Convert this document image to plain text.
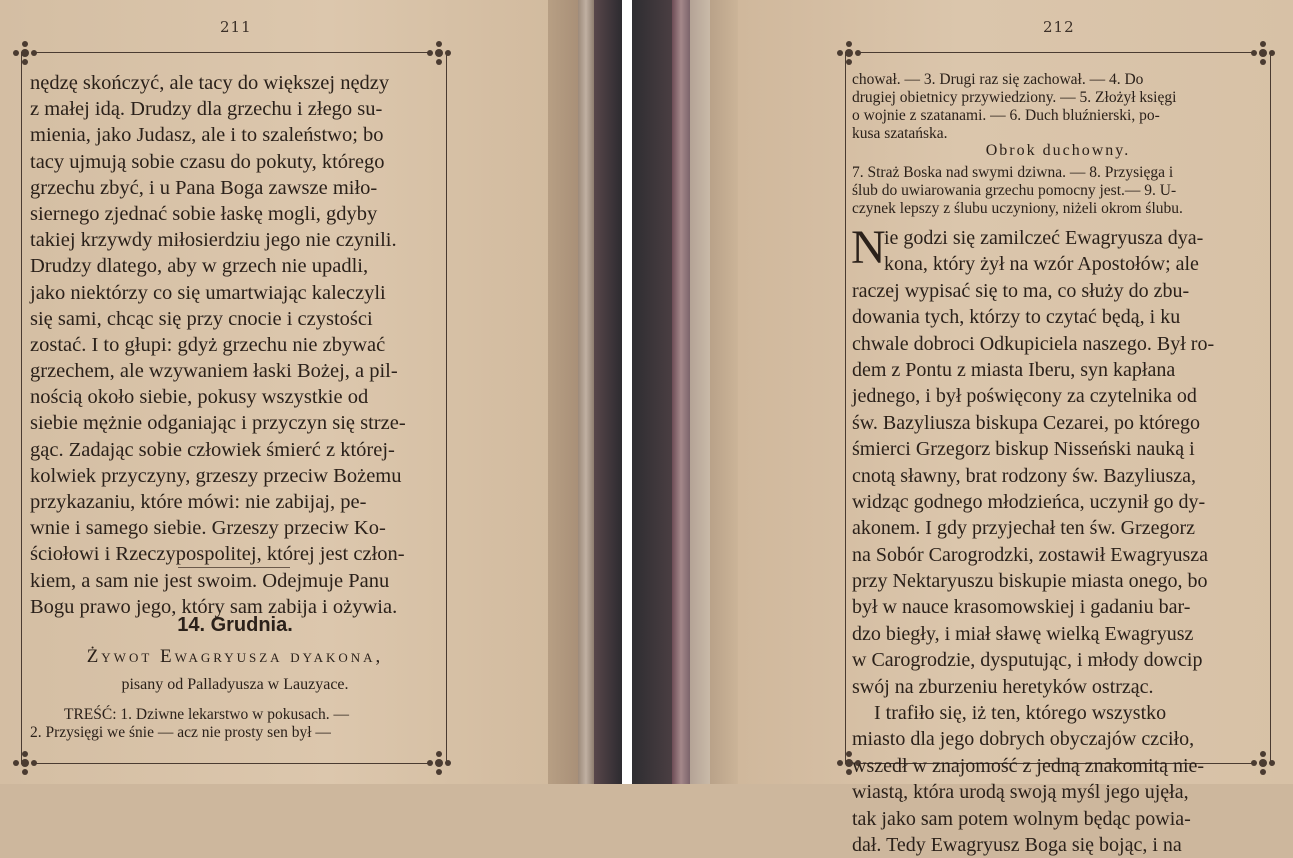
211
nędzę skończyć, ale tacy do większej nędzy
z małej idą. Drudzy dla grzechu i złego su-
mienia, jako Judasz, ale i to szaleństwo; bo
tacy ujmują sobie czasu do pokuty, którego
grzechu zbyć, i u Pana Boga zawsze miło-
siernego zjednać sobie łaskę mogli, gdyby
takiej krzywdy miłosierdziu jego nie czynili.
Drudzy dlatego, aby w grzech nie upadli,
jako niektórzy co się umartwiając kaleczyli
się sami, chcąc się przy cnocie i czystości
zostać. I to głupi: gdyż grzechu nie zbywać
grzechem, ale wzywaniem łaski Bożej, a pil-
nością około siebie, pokusy wszystkie od
siebie mężnie odganiając i przyczyn się strze-
gąc. Zadając sobie człowiek śmierć z której-
kolwiek przyczyny, grzeszy przeciw Bożemu
przykazaniu, które mówi: nie zabijaj, pe-
wnie i samego siebie. Grzeszy przeciw Ko-
ściołowi i Rzeczypospolitej, której jest człon-
kiem, a sam nie jest swoim. Odejmuje Panu
Bogu prawo jego, który sam zabija i ożywia.
14. Grudnia.
Żywot Ewagryusza dyakona,
pisany od Palladyusza w Lauzyace.
TREŚĆ: 1. Dziwne lekarstwo w pokusach. —
2. Przysięgi we śnie — acz nie prosty sen był —
212
chował. — 3. Drugi raz się zachował. — 4. Do
drugiej obietnicy przywiedziony. — 5. Złożył księgi
o wojnie z szatanami. — 6. Duch bluźnierski, po-
kusa szatańska.
Obrok duchowny.
7. Straż Boska nad swymi dziwna. — 8. Przysięga i
ślub do uwiarowania grzechu pomocny jest.— 9. U-
czynek lepszy z ślubu uczyniony, niżeli okrom ślubu.
N
ie godzi się zamilczeć Ewagryusza dya-
kona, który żył na wzór Apostołów; ale
raczej wypisać się to ma, co służy do zbu-
dowania tych, którzy to czytać będą, i ku
chwale dobroci Odkupiciela naszego. Był ro-
dem z Pontu z miasta Iberu, syn kapłana
jednego, i był poświęcony za czytelnika od
św. Bazyliusza biskupa Cezarei, po którego
śmierci Grzegorz biskup Nisseński nauką i
cnotą sławny, brat rodzony św. Bazyliusza,
widząc godnego młodzieńca, uczynił go dy-
akonem. I gdy przyjechał ten św. Grzegorz
na Sobór Carogrodzki, zostawił Ewagryusza
przy Nektaryuszu biskupie miasta onego, bo
był w nauce krasomowskiej i gadaniu bar-
dzo biegły, i miał sławę wielką Ewagryusz
w Carogrodzie, dysputując, i młody dowcip
swój na zburzeniu heretyków ostrząc.
I trafiło się, iż ten, którego wszystko
miasto dla jego dobrych obyczajów czciło,
wszedł w znajomość z jedną znakomitą nie-
wiastą, która urodą swoją myśl jego ujęła,
tak jako sam potem wolnym będąc powia-
dał. Tedy Ewagryusz Boga się bojąc, i na
